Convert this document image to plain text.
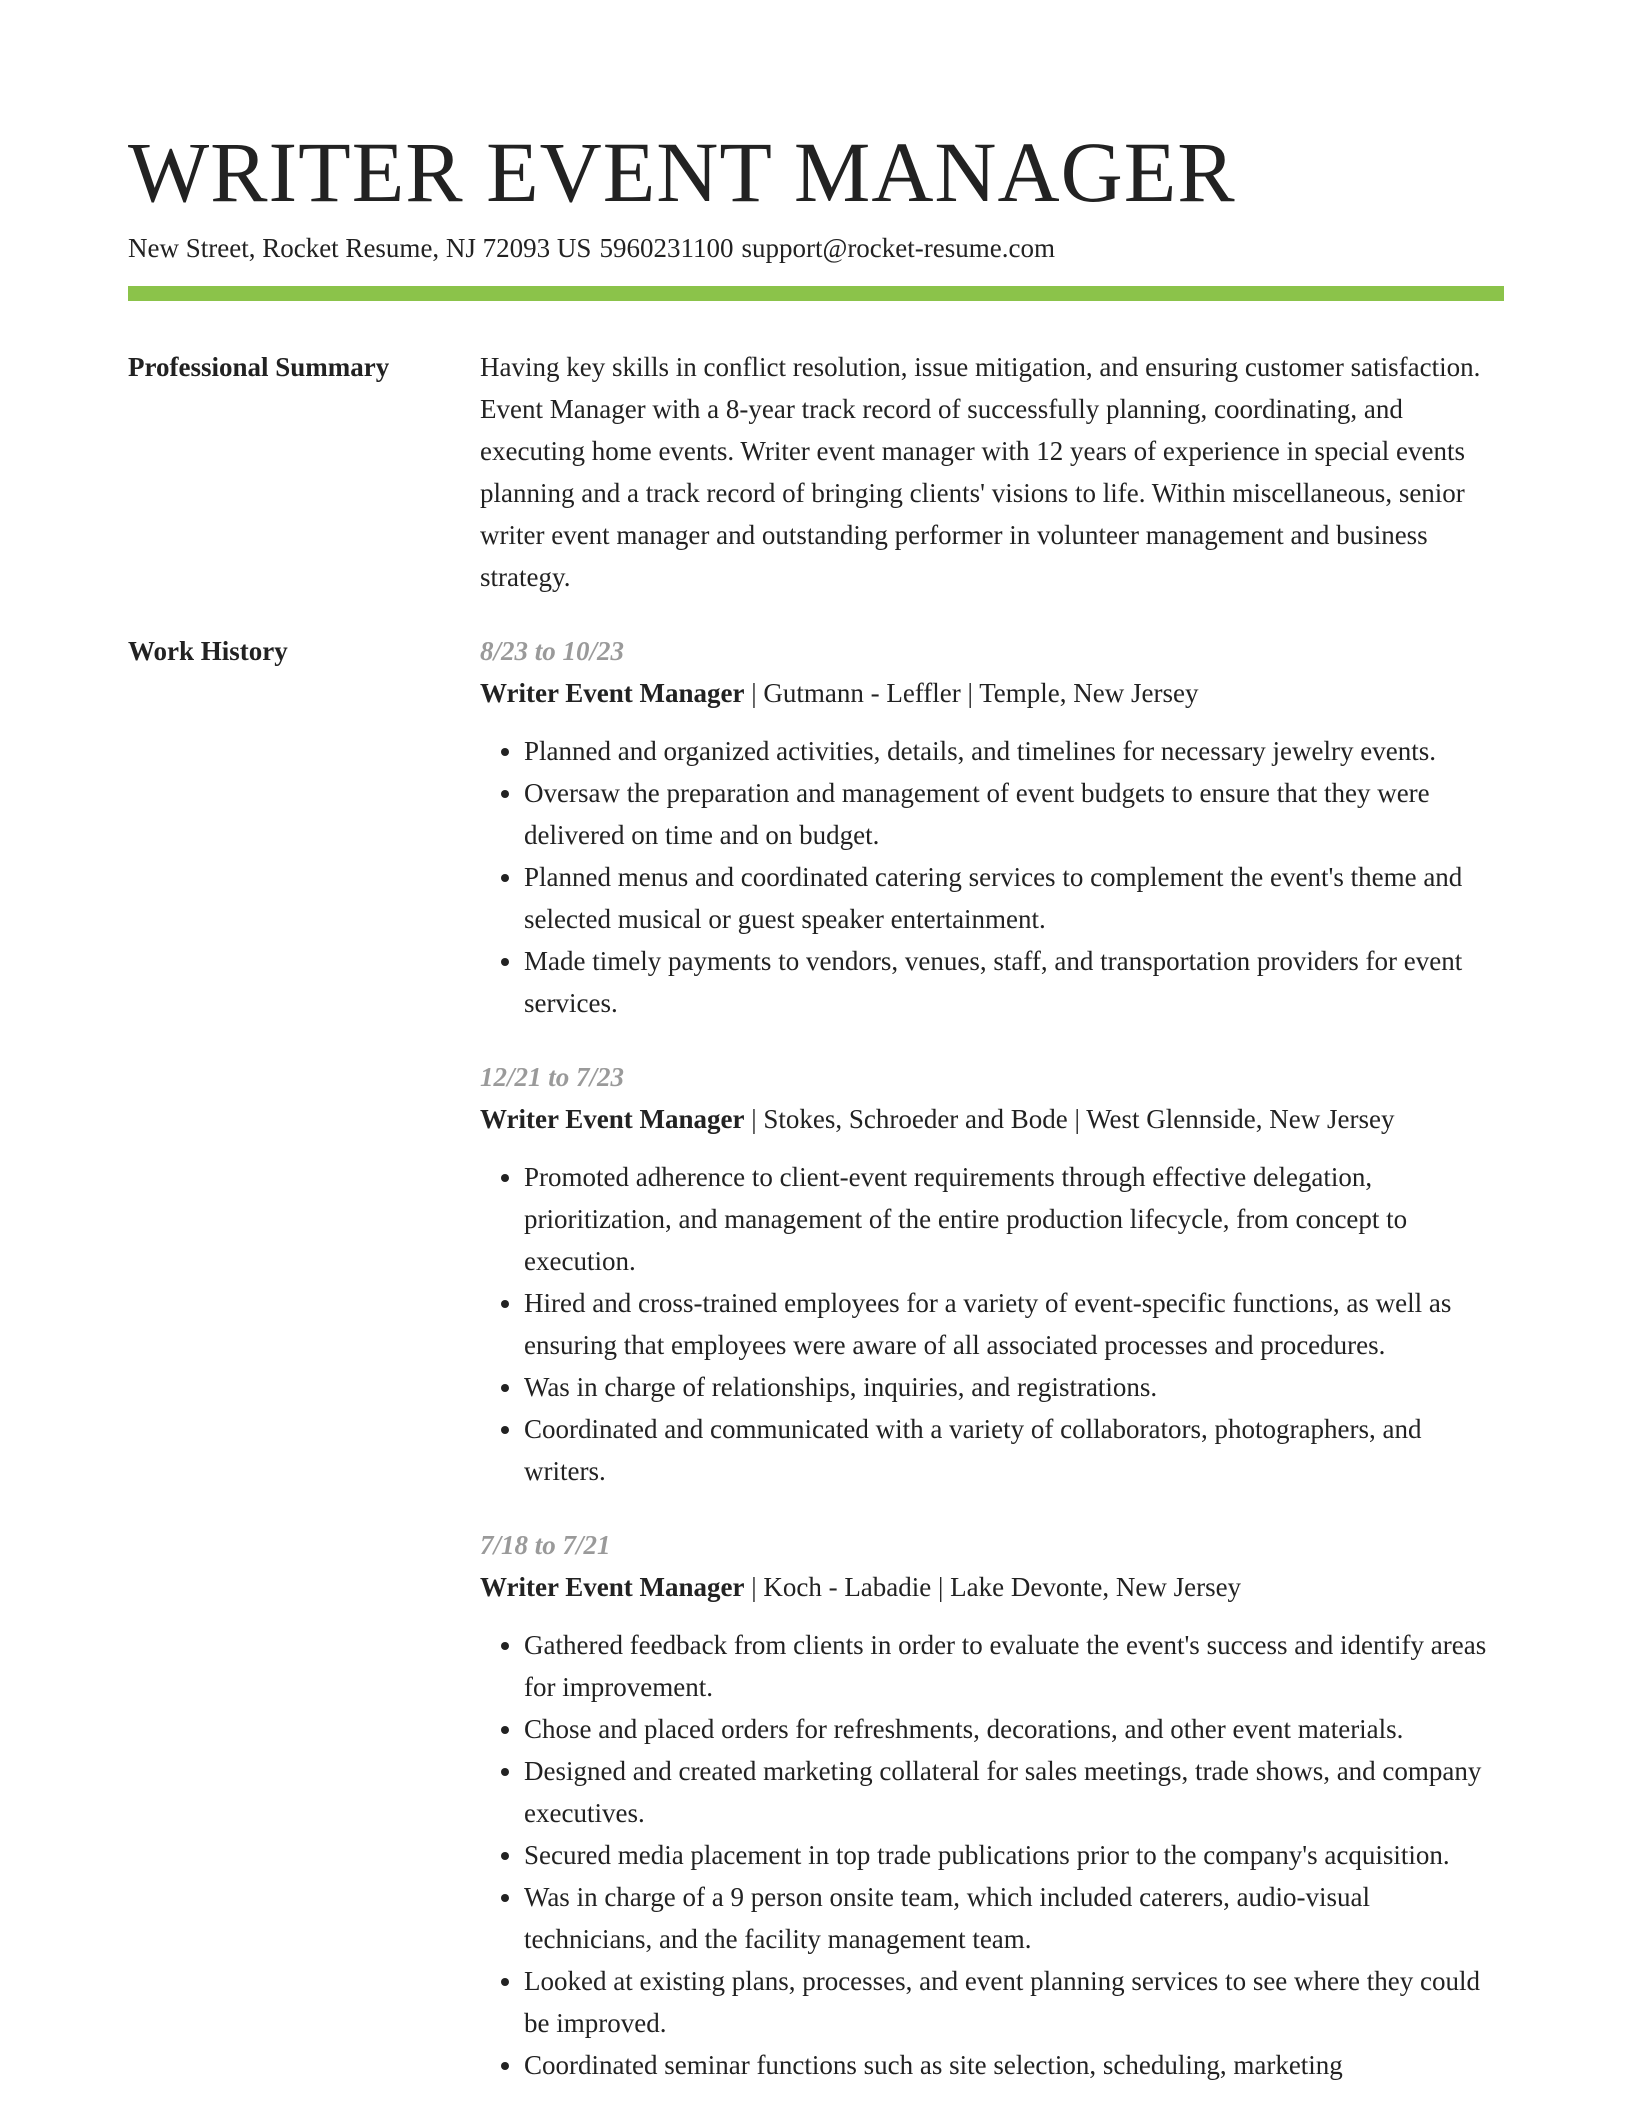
WRITER EVENT MANAGER
New Street, Rocket Resume, NJ 72093 US 5960231100 support@rocket-resume.com
Professional Summary	Having key skills in conflict resolution, issue mitigation, and ensuring customer satisfaction. Event Manager with a 8-year track record of successfully planning, coordinating, and executing home events. Writer event manager with 12 years of experience in special events planning and a track record of bringing clients' visions to life. Within miscellaneous, senior writer event manager and outstanding performer in volunteer management and business strategy.

Work History	8/23 to 10/23
Writer Event Manager | Gutmann - Leffler | Temple, New Jersey
• Planned and organized activities, details, and timelines for necessary jewelry events.
• Oversaw the preparation and management of event budgets to ensure that they were delivered on time and on budget.
• Planned menus and coordinated catering services to complement the event's theme and selected musical or guest speaker entertainment.
• Made timely payments to vendors, venues, staff, and transportation providers for event services.
12/21 to 7/23
Writer Event Manager | Stokes, Schroeder and Bode | West Glennside, New Jersey
• Promoted adherence to client-event requirements through effective delegation, prioritization, and management of the entire production lifecycle, from concept to execution.
• Hired and cross-trained employees for a variety of event-specific functions, as well as ensuring that employees were aware of all associated processes and procedures.
• Was in charge of relationships, inquiries, and registrations.
• Coordinated and communicated with a variety of collaborators, photographers, and writers.
7/18 to 7/21
Writer Event Manager | Koch - Labadie | Lake Devonte, New Jersey
• Gathered feedback from clients in order to evaluate the event's success and identify areas for improvement.
• Chose and placed orders for refreshments, decorations, and other event materials.
• Designed and created marketing collateral for sales meetings, trade shows, and company executives.
• Secured media placement in top trade publications prior to the company's acquisition.
• Was in charge of a 9 person onsite team, which included caterers, audio-visual technicians, and the facility management team.
• Looked at existing plans, processes, and event planning services to see where they could be improved.
• Coordinated seminar functions such as site selection, scheduling, marketing
